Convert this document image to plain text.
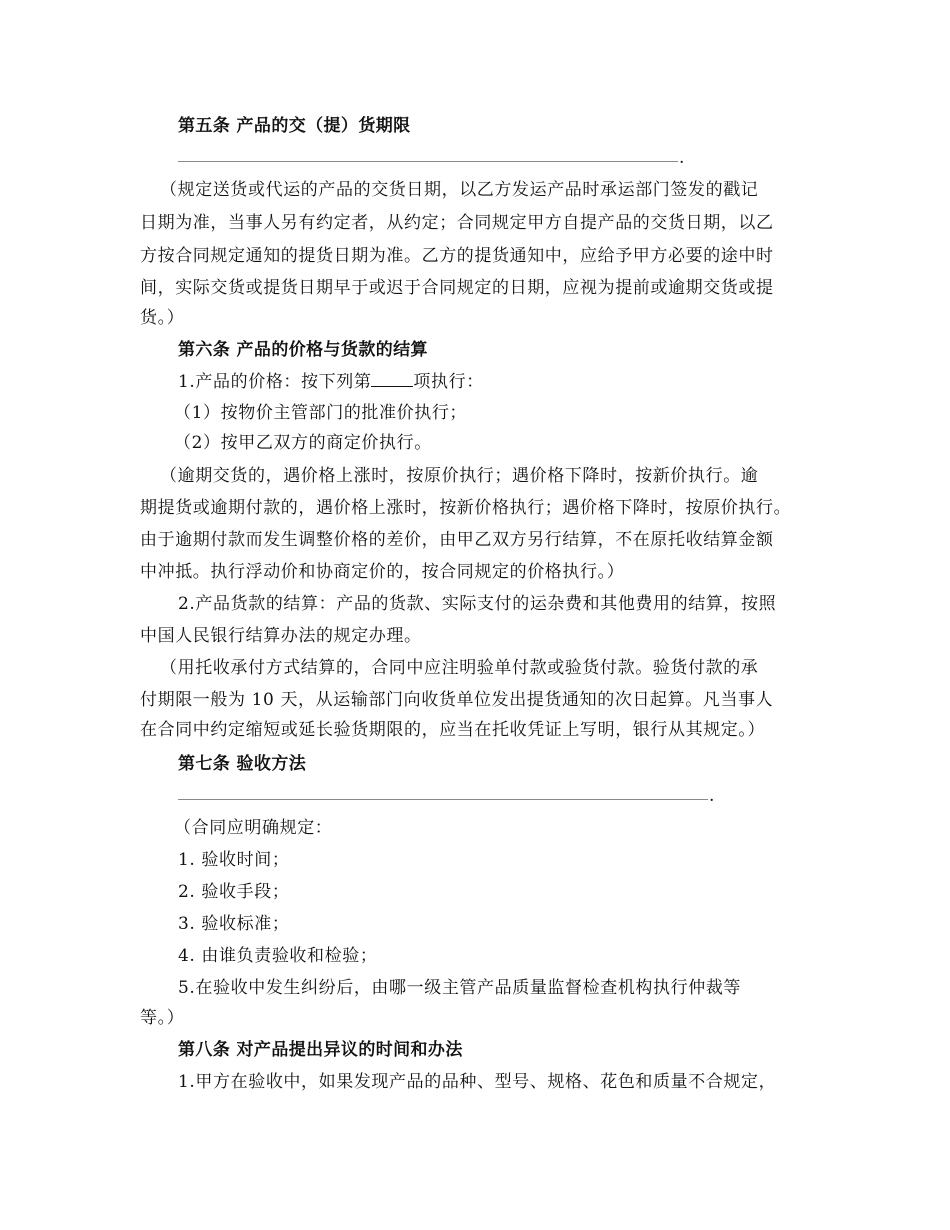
第五条 产品的交（提）货期限
.
（规定送货或代运的产品的交货日期，以乙方发运产品时承运部门签发的戳记
日期为准，当事人另有约定者，从约定；合同规定甲方自提产品的交货日期，以乙
方按合同规定通知的提货日期为准。乙方的提货通知中，应给予甲方必要的途中时
间，实际交货或提货日期早于或迟于合同规定的日期，应视为提前或逾期交货或提
货。）
第六条 产品的价格与货款的结算
1.产品的价格：按下列第 项执行：
（1）按物价主管部门的批准价执行；
（2）按甲乙双方的商定价执行。
（逾期交货的，遇价格上涨时，按原价执行；遇价格下降时，按新价执行。逾
期提货或逾期付款的，遇价格上涨时，按新价格执行；遇价格下降时，按原价执行。
由于逾期付款而发生调整价格的差价，由甲乙双方另行结算，不在原托收结算金额
中冲抵。执行浮动价和协商定价的，按合同规定的价格执行。）
2.产品货款的结算：产品的货款、实际支付的运杂费和其他费用的结算，按照
中国人民银行结算办法的规定办理。
（用托收承付方式结算的，合同中应注明验单付款或验货付款。验货付款的承
付期限一般为 10 天，从运输部门向收货单位发出提货通知的次日起算。凡当事人
在合同中约定缩短或延长验货期限的，应当在托收凭证上写明，银行从其规定。）
第七条 验收方法
.
（合同应明确规定：
1. 验收时间；
2. 验收手段；
3. 验收标准；
4. 由谁负责验收和检验；
5.在验收中发生纠纷后，由哪一级主管产品质量监督检查机构执行仲裁等
等。）
第八条 对产品提出异议的时间和办法
1.甲方在验收中，如果发现产品的品种、型号、规格、花色和质量不合规定，
